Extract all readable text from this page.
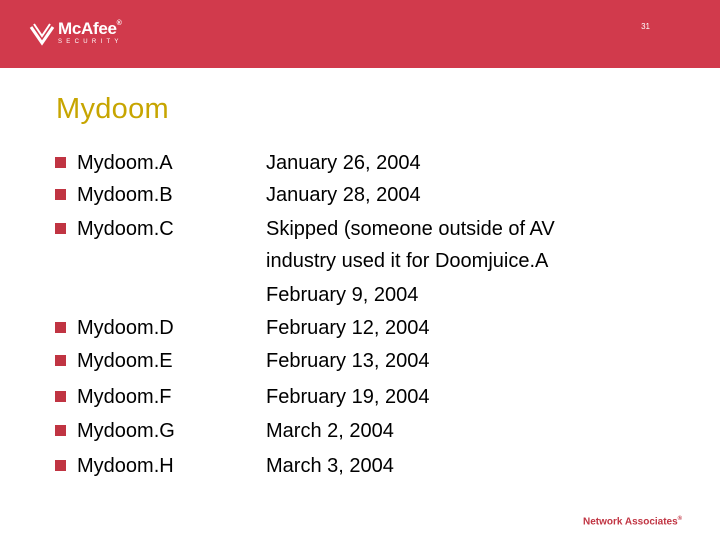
McAfee®
SECURITY
31
Mydoom
Mydoom.A	January 26, 2004
Mydoom.B	January 28, 2004
Mydoom.C	Skipped (someone outside of AV
industry used it for Doomjuice.A
February 9, 2004
Mydoom.D	February 12, 2004
Mydoom.E	February 13, 2004
Mydoom.F	February 19, 2004
Mydoom.G	March 2, 2004
Mydoom.H	March 3, 2004
Network Associates®
